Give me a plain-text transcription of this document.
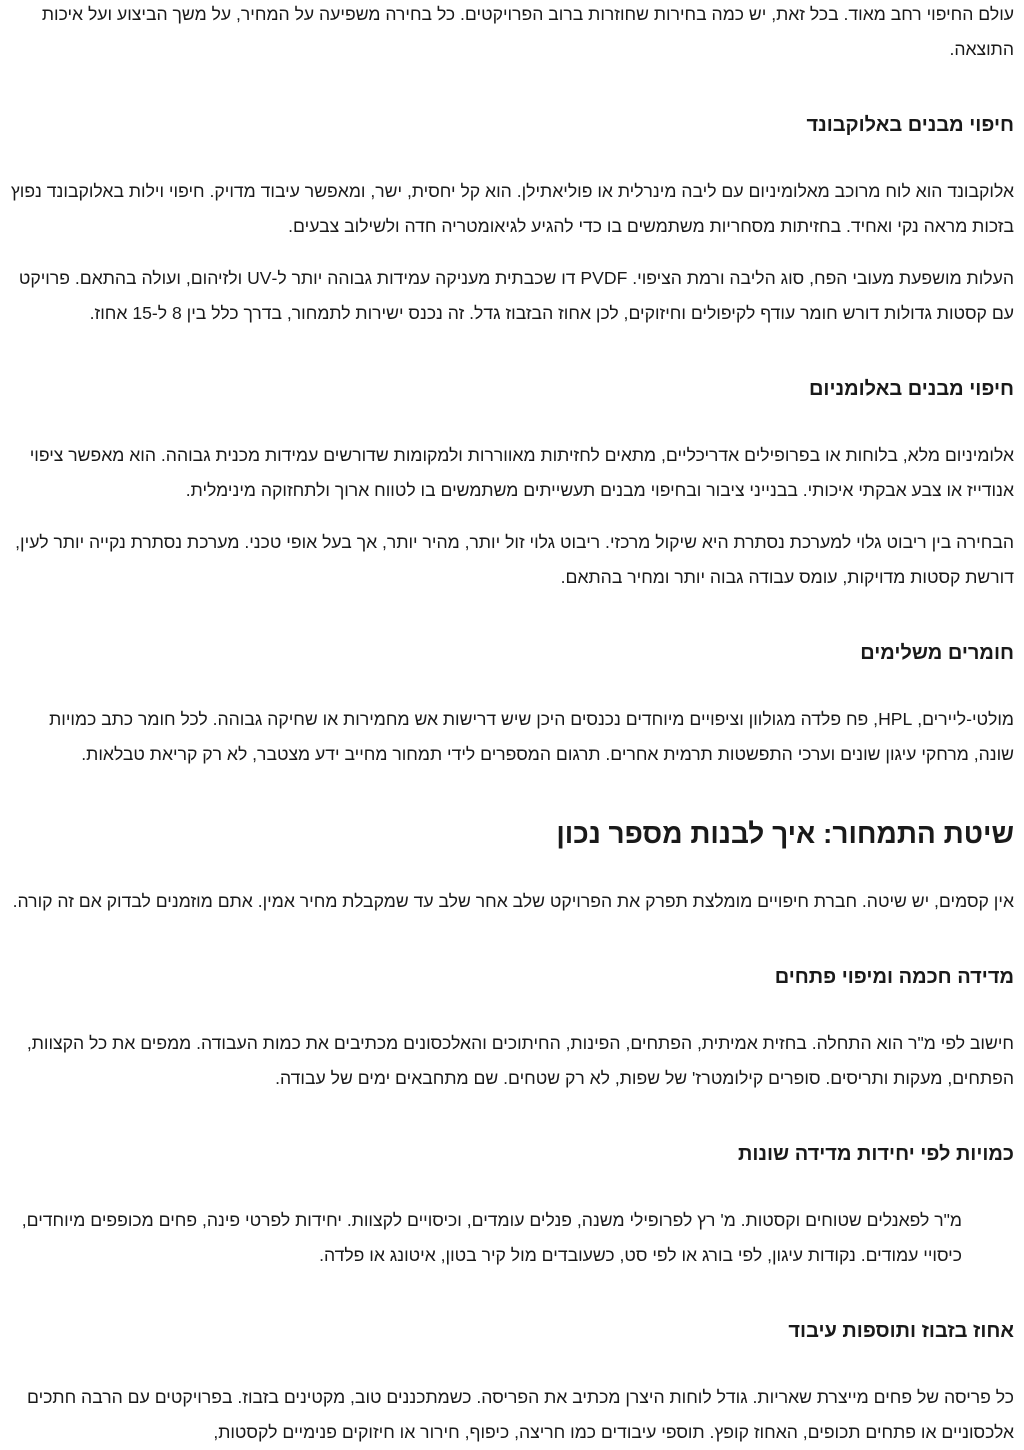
עולם החיפוי רחב מאוד. בכל זאת, יש כמה בחירות שחוזרות ברוב הפרויקטים. כל בחירה משפיעה על המחיר, על משך הביצוע ועל איכות התוצאה.

חיפוי מבנים באלוקבונד

אלוקבונד הוא לוח מרוכב מאלומיניום עם ליבה מינרלית או פוליאתילן. הוא קל יחסית, ישר, ומאפשר עיבוד מדויק. חיפוי וילות באלוקבונד נפוץ בזכות מראה נקי ואחיד. בחזיתות מסחריות משתמשים בו כדי להגיע לגיאומטריה חדה ולשילוב צבעים.

העלות מושפעת מעובי הפח, סוג הליבה ורמת הציפוי. PVDF דו שכבתית מעניקה עמידות גבוהה יותר ל-UV ולזיהום, ועולה בהתאם. פרויקט עם קסטות גדולות דורש חומר עודף לקיפולים וחיזוקים, לכן אחוז הבזבוז גדל. זה נכנס ישירות לתמחור, בדרך כלל בין 8 ל-15 אחוז.

חיפוי מבנים באלומניום

אלומיניום מלא, בלוחות או בפרופילים אדריכליים, מתאים לחזיתות מאווררות ולמקומות שדורשים עמידות מכנית גבוהה. הוא מאפשר ציפוי אנודייז או צבע אבקתי איכותי. בבנייני ציבור ובחיפוי מבנים תעשייתים משתמשים בו לטווח ארוך ולתחזוקה מינימלית.

הבחירה בין ריבוט גלוי למערכת נסתרת היא שיקול מרכזי. ריבוט גלוי זול יותר, מהיר יותר, אך בעל אופי טכני. מערכת נסתרת נקייה יותר לעין, דורשת קסטות מדויקות, עומס עבודה גבוה יותר ומחיר בהתאם.

חומרים משלימים

מולטי-ליירים, HPL, פח פלדה מגולוון וציפויים מיוחדים נכנסים היכן שיש דרישות אש מחמירות או שחיקה גבוהה. לכל חומר כתב כמויות שונה, מרחקי עיגון שונים וערכי התפשטות תרמית אחרים. תרגום המספרים לידי תמחור מחייב ידע מצטבר, לא רק קריאת טבלאות.

שיטת התמחור: איך לבנות מספר נכון

אין קסמים, יש שיטה. חברת חיפויים מומלצת תפרק את הפרויקט שלב אחר שלב עד שמקבלת מחיר אמין. אתם מוזמנים לבדוק אם זה קורה.

מדידה חכמה ומיפוי פתחים

חישוב לפי מ"ר הוא התחלה. בחזית אמיתית, הפתחים, הפינות, החיתוכים והאלכסונים מכתיבים את כמות העבודה. ממפים את כל הקצוות, הפתחים, מעקות ותריסים. סופרים קילומטרז' של שפות, לא רק שטחים. שם מתחבאים ימים של עבודה.

כמויות לפי יחידות מדידה שונות
מ"ר לפאנלים שטוחים וקסטות. מ' רץ לפרופילי משנה, פנלים עומדים, וכיסויים לקצוות. יחידות לפרטי פינה, פחים מכופפים מיוחדים, כיסויי עמודים. נקודות עיגון, לפי בורג או לפי סט, כשעובדים מול קיר בטון, איטונג או פלדה.
אחוז בזבוז ותוספות עיבוד

כל פריסה של פחים מייצרת שאריות. גודל לוחות היצרן מכתיב את הפריסה. כשמתכננים טוב, מקטינים בזבוז. בפרויקטים עם הרבה חתכים אלכסוניים או פתחים תכופים, האחוז קופץ. תוספי עיבודים כמו חריצה, כיפוף, חירור או חיזוקים פנימיים לקסטות,
